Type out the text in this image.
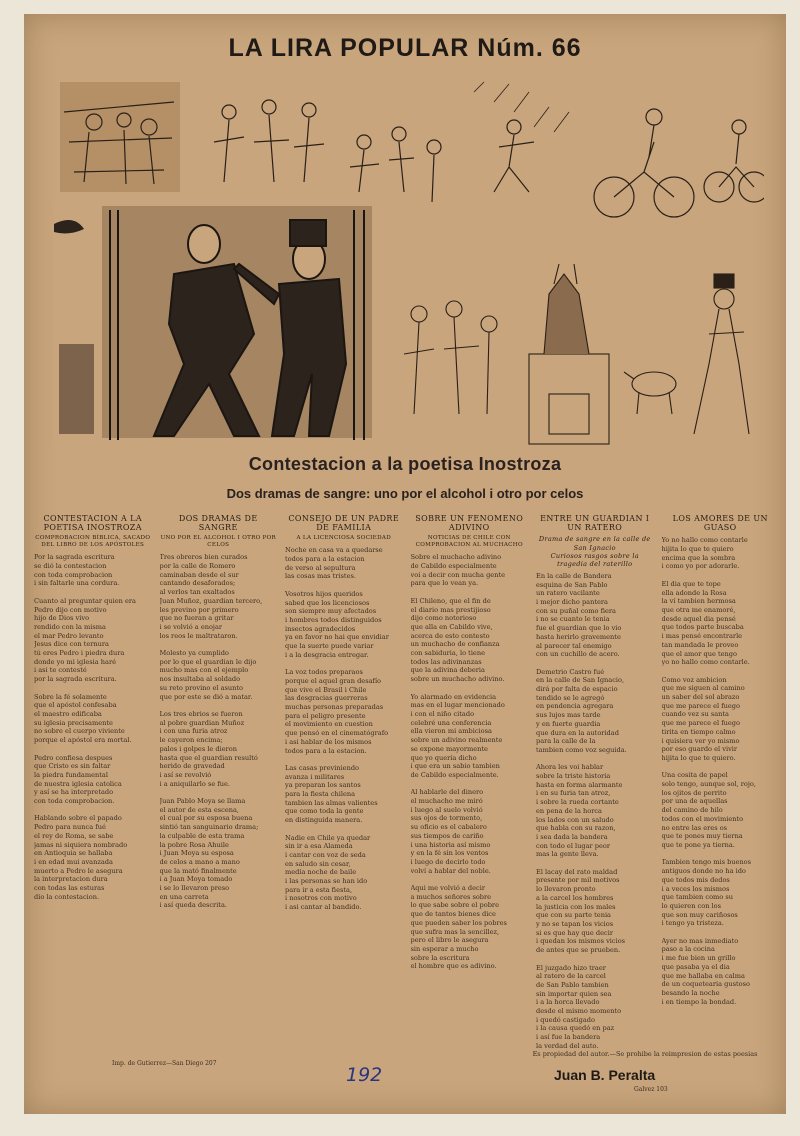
LA LIRA POPULAR Núm. 66
Contestacion a la poetisa Inostroza
Dos dramas de sangre: uno por el alcohol i otro por celos
CONTESTACION A LA POETISA INOSTROZA
COMPROBACION BÍBLICA, SACADO DEL LIBRO DE LOS APÓSTOLES
Por la sagrada escritura
se dió la contestacion
con toda comprobacion
i sin faltarle una cordura.

Cuanto al preguntar quien era
Pedro dijo con motivo
hijo de Dios vivo
rendido con la misma
el mar Pedro levanto
Jesus dice con ternura
tú eres Pedro i piedra dura
donde yo mi iglesia haré
i asi te contesté
por la sagrada escritura.

Sobre la fé solamente
que el apóstol confesaba
el maestro edificaba
su iglesia precisamente
no sobre el cuerpo viviente
porque el apóstol era mortal.

Pedro confiesa despues
que Cristo es sin faltar
la piedra fundamental
de nuestra iglesia catolica
y así se ha interpretado
con toda comprobacion.

Hablando sobre el papado
Pedro para nunca fué
el rey de Roma, se sabe
jamas ni siquiera nombrado
en Antioquia se hallaba
i en edad mui avanzada
muerto a Pedro le asegura
la interpretacion dura
con todas las esturas
dio la contestacion.
DOS DRAMAS DE SANGRE
UNO POR EL ALCOHOL I OTRO POR CELOS
Tres obreros bien curados
por la calle de Romero
caminaban desde el sur
cantando desaforados;
al verlos tan exaltados
Juan Muñoz, guardian tercero,
les previno por primero
que no fueran a gritar
i se volvió a enojar
los reos le maltrataron.

Molesto ya cumplido
por lo que el guardian le dijo
mucho mas con el ejemplo
nos insultaba al soldado
su reto provino el asunto
que por este se dió a matar.

Los tres ebrios se fueron
al pobre guardian Muñoz
i con una furia atroz
le cayeron encima;
palos i golpes le dieron
hasta que el guardian resultó
herido de gravedad
i así se revolvió
i a aniquilarlo se fue.

Juan Pablo Moya se llama
el autor de esta escena,
el cual por su esposa buena
sintió tan sanguinario drama;
la culpable de esta trama
la pobre Rosa Ahuile
i Juan Moya su esposa
de celos a mano a mano
que la mató finalmente
i a Juan Moya tomado
i se lo llevaron preso
en una carreta
i así queda descrita.
CONSEJO DE UN PADRE DE FAMILIA
A LA LICENCIOSA SOCIEDAD
Noche en casa va a quedarse
todos para a la estacion
de verso al sepultura
las cosas mas tristes.

Vosotros hijos queridos
sabed que los licenciosos
son siempre muy afectados
i hombres todos distinguidos
insectos agradecidos
ya en favor no hai que envidiar
que la suerte puede variar
i a la desgracia entregar.

La voz todos preparaos
porque el aquel gran desafío
que vive el Brasil i Chile
las desgracias guerreras
muchas personas preparadas
para el peligro presente
el movimiento en cuestion
que pensó en el cinematógrafo
i asi hablar de los mismos
todos para a la estacion.

Las casas previniendo
avanza i militares
ya preparan los santos
para la fiesta chilena
tambien las almas valientes
que como toda la gente
en distinguida manera.

Nadie en Chile ya quedar
sin ir a esa Alameda
i cantar con voz de seda
en saludo sin cesar,
media noche de baile
i las personas se han ido
para ir a esta fiesta,
i nosotros con motivo
i asi cantar al bandido.
SOBRE UN FENOMENO ADIVINO
NOTICIAS DE CHILE CON COMPROBACION AL MUCHACHO
Sobre el muchacho adivino
de Cabildo especialmente
voi a decir con mucha gente
para que lo vean ya.

El Chileno, que el fin de
el diario mas prestijioso
dijo como notorioso
que alla en Cabildo vive,
acerca de esto contesto
un muchacho de confianza
con sabiduria, lo tiene
todos las adivinanzas
que la adivina deberia
sobre un muchacho adivino.

Yo alarmado en evidencia
mas en el lugar mencionado
i con el niño citado
celebré una conferencia
ella vieron mi ambiciosa
sobre un adivino realmente
se expone mayormente
que yo quería dicho
i que era un sabio tambien
de Cabildo especialmente.

Al hablarle del dinero
el muchacho me miró
i luego al suelo volvió
sus ojos de tormento,
su oficio es el cabalero
sus tiempos de cariño
i una historia así mismo
y en la fé sin los ventos
i luego de decirlo todo
volví a hablar del noble.

Aqui me volvió a decir
a muchos señores sobre
lo que sabe sobre el pobre
que de tantos bienes dice
que pueden saber los pobres
que sufra mas la sencillez,
pero el libro le asegura
sin esperar a mucho
sobre la escritura
el hombre que es adivino.
ENTRE UN GUARDIAN I UN RATERO
Drama de sangre en la calle de San Ignacio
Curiosos rasgos sobre la tragedia del raterillo
En la calle de Bandera
esquina de San Pablo
un ratero vacilante
i mejor dicho pantera
con su puñal como fiera
i no se cuanto le tenia
fue el guardian que lo vio
hasta herirlo gravemente
al parecer tal enemigo
con un cuchillo de acero.

Demetrio Castro fué
en la calle de San Ignacio,
dirá por falta de espacio
tendido se le agregó
en pendencia agregara
sus lujos mas tarde
y en fuerte guardia
que dura en la autoridad
para la calle de la
tambien como voz seguida.

Ahora les voi hablar
sobre la triste historia
hasta en forma alarmante
i en su furia tan atroz,
i sobre la rueda cortante
en pena de la horca
los lados con un saludo
que habla con su razon,
i sea dada la bandera
con todo el lugar peor
mas la gente lleva.

El lacay del rato maldad
presente por mil motivos
lo llevaron pronto
a la carcel los hombres
la justicia con los males
que con su parte tenia
y no se tapan los vicios
si es que hay que decir
i quedan los mismos vicios
de antes que se prueben.

El juzgado hizo traer
al ratero de la carcel
de San Pablo tambien
sin importar quien sea
i a la horca llevado
desde el mismo momento
i quedó castigado
i la causa quedó en paz
i así fue la bandera
la verdad del auto.
LOS AMORES DE UN GUASO
Yo no hallo como contarle
hijita lo que te quiero
encima que la sombra
i como yo por adorarle.

El dia que te tope
ella adonde la Rosa
la ví tambien hermosa
que otra me enamoré,
desde aquel dia pensé
que todos parte buscaba
i mas pensé encontrarle
tan mandada le proveo
que el amor que tengo
yo no hallo como contarle.

Como voz ambicion
que me siguen al camino
un saber del sol abrazo
que me parece el fuego
cuando vez su santa
que me parece el fuego
tirita en tiempo calmo
i quisiera ver yo mismo
por eso guardo el vivir
hijita lo que te quiero.

Una cosita de papel
solo tengo, aunque sol, rojo,
los ojitos de perrito
por una de aquellas
del camino de hilo
todos con el movimiento
no entre las eres os
que te pones muy tierna
que te pone ya tierna.

Tambien tengo mis buenos
antiguos donde no ha ido
que todos mis dedos
i a veces los mismos
que tambien como su
lo quieren con los
que son muy cariñosos
i tengo ya tristeza.

Ayer no mas inmediato
paso a la cocina
i me fue bien un grillo
que pasaba ya el dia
que me hallaba en calma
de un coquetearia gustoso
besando la noche
i en tiempo la bondad.
Imp. de Gutierrez—San Diego 207
Es propiedad del autor.—Se prohibe la reimpresion de estas poesias
Juan B. Peralta
Galvez 103
192
